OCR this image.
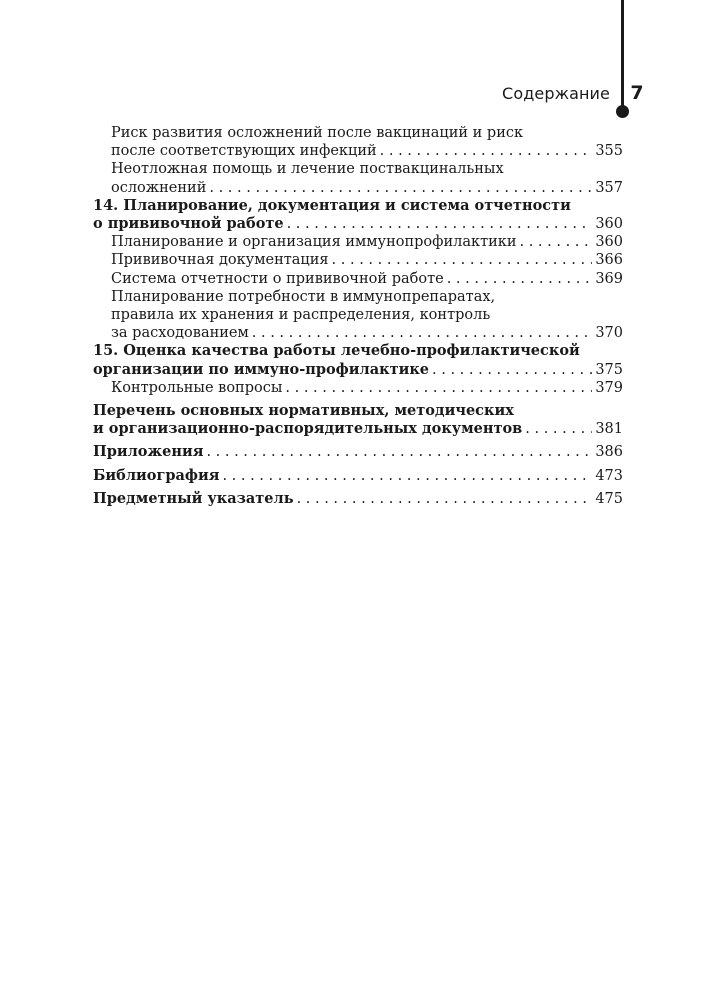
Содержание 7
Риск развития осложнений после вакцинаций и риск
после соответствующих инфекций . . .	355
Неотложная помощь и лечение поствакцинальных
осложнений . . .	357
14. Планирование, документация и система отчетности
о прививочной работе . . .	360
Планирование и организация иммунопрофилактики . . .	360
Прививочная документация . . .	366
Система отчетности о прививочной работе . . .	369
Планирование потребности в иммунопрепаратах,
правила их хранения и распределения, контроль
за расходованием . . .	370
15. Оценка качества работы лечебно-профилактической
организации по иммуно-профилактике . . .	375
Контрольные вопросы . . .	379
Перечень основных нормативных, методических
и организационно-распорядительных документов . . .	381
Приложения . . .	386
Библиография . . .	473
Предметный указатель . . .	475
